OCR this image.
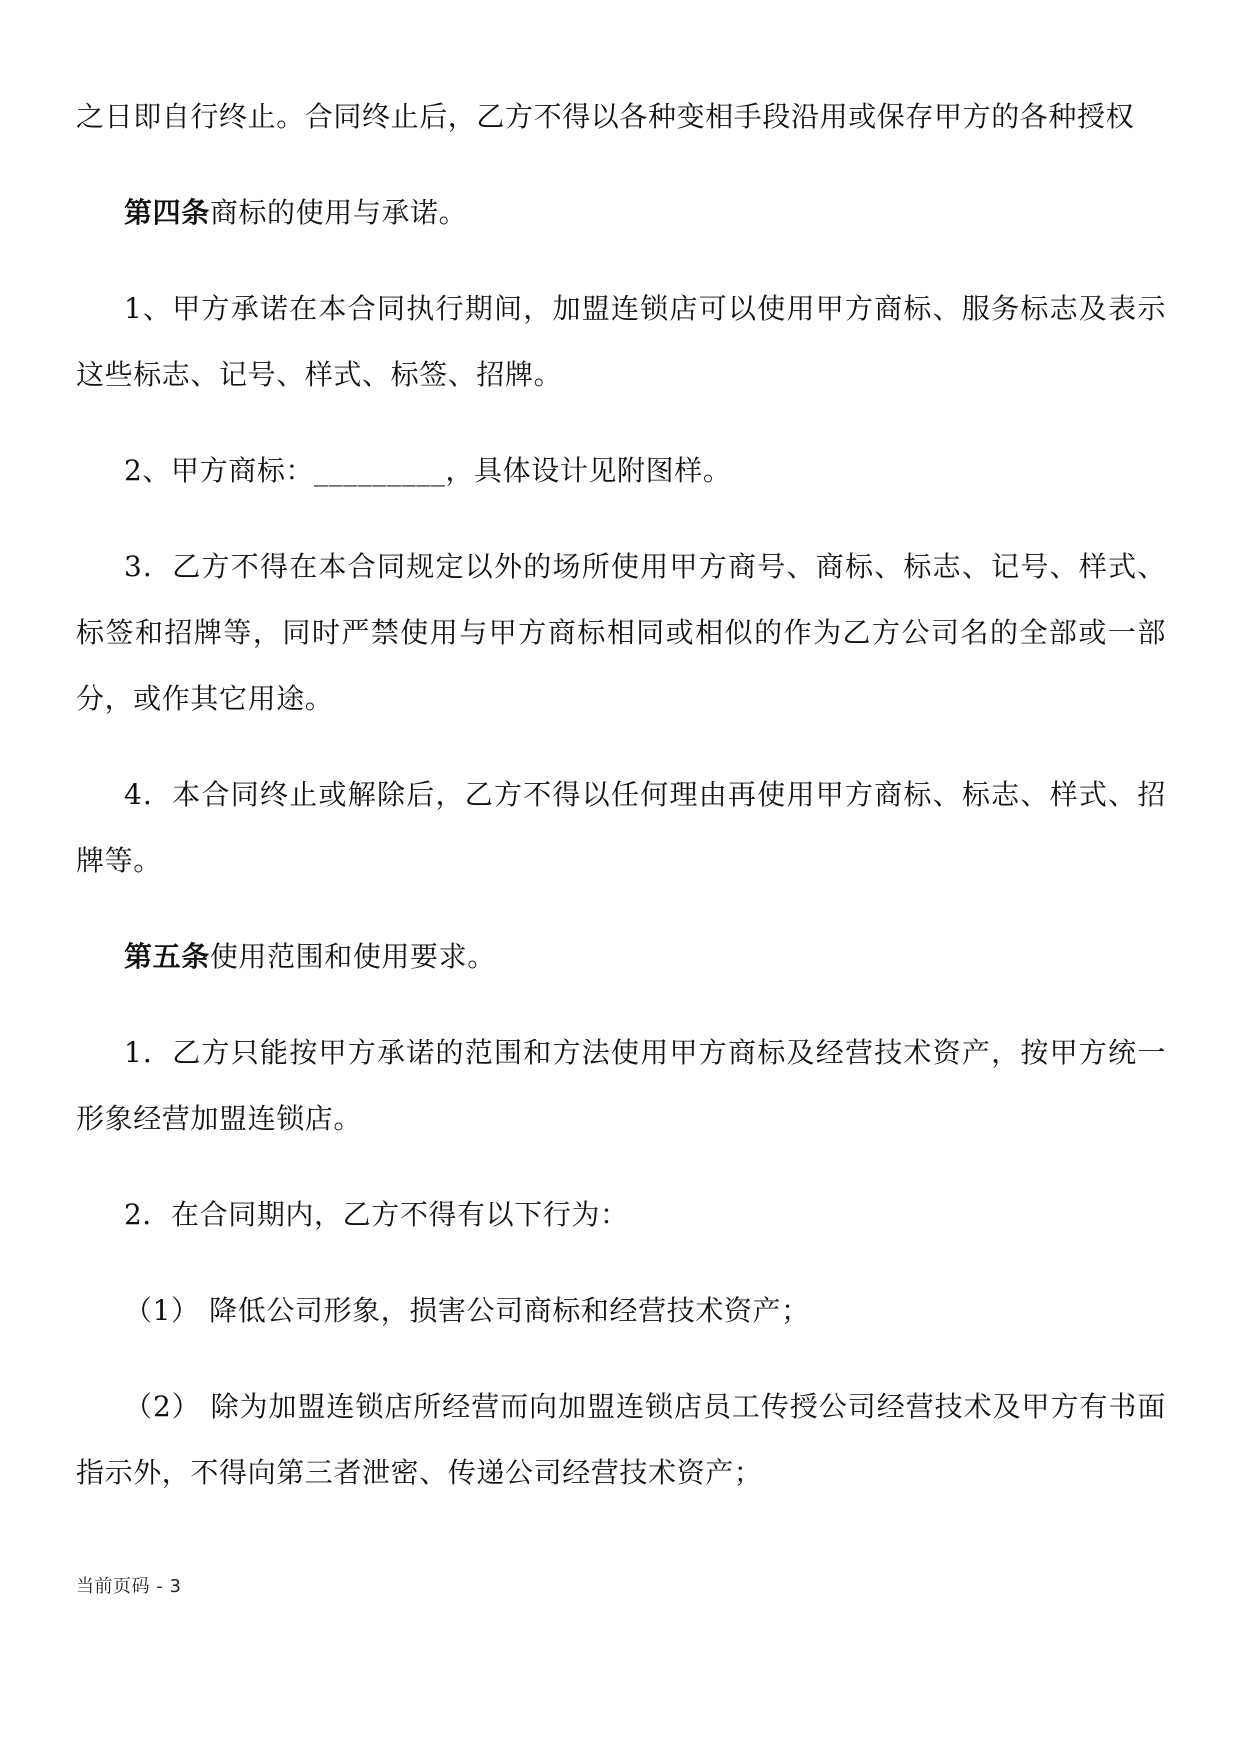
之日即自行终止。合同终止后，乙方不得以各种变相手段沿用或保存甲方的各种授权

第四条商标的使用与承诺。

1、甲方承诺在本合同执行期间，加盟连锁店可以使用甲方商标、服务标志及表示这些标志、记号、样式、标签、招牌。

2、甲方商标：_________，具体设计见附图样。

3．乙方不得在本合同规定以外的场所使用甲方商号、商标、标志、记号、样式、标签和招牌等，同时严禁使用与甲方商标相同或相似的作为乙方公司名的全部或一部分，或作其它用途。

4．本合同终止或解除后，乙方不得以任何理由再使用甲方商标、标志、样式、招牌等。

第五条使用范围和使用要求。

1．乙方只能按甲方承诺的范围和方法使用甲方商标及经营技术资产，按甲方统一形象经营加盟连锁店。

2．在合同期内，乙方不得有以下行为：

（1） 降低公司形象，损害公司商标和经营技术资产；

（2） 除为加盟连锁店所经营而向加盟连锁店员工传授公司经营技术及甲方有书面指示外，不得向第三者泄密、传递公司经营技术资产；

当前页码 - 3
